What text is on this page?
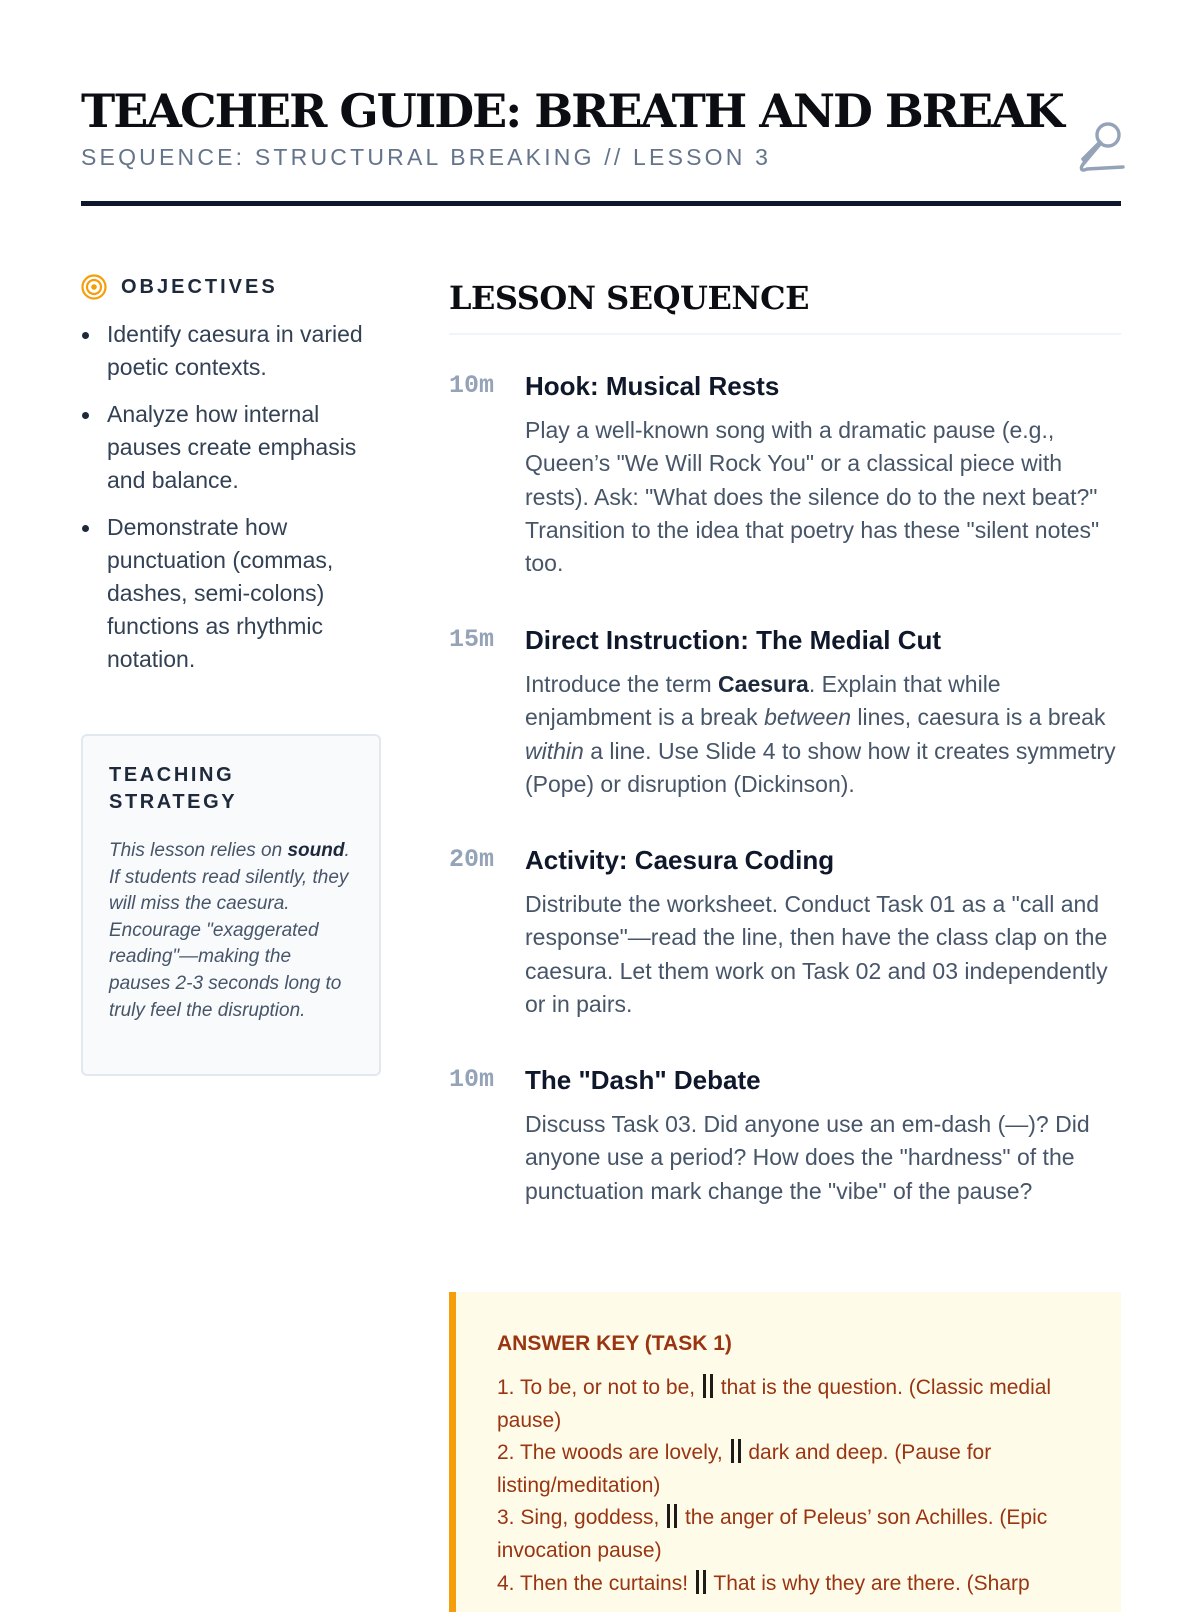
TEACHER GUIDE: BREATH AND BREAK
SEQUENCE: STRUCTURAL BREAKING // LESSON 3
OBJECTIVES
Identify caesura in varied poetic contexts.
Analyze how internal pauses create emphasis and balance.
Demonstrate how punctuation (commas, dashes, semi-colons) functions as rhythmic notation.
TEACHING STRATEGY
This lesson relies on sound. If students read silently, they will miss the caesura. Encourage "exaggerated reading"—making the pauses 2-3 seconds long to truly feel the disruption.
LESSON SEQUENCE
10m Hook: Musical Rests
Play a well-known song with a dramatic pause (e.g., Queen’s "We Will Rock You" or a classical piece with rests). Ask: "What does the silence do to the next beat?" Transition to the idea that poetry has these "silent notes" too.
15m Direct Instruction: The Medial Cut
Introduce the term Caesura. Explain that while enjambment is a break between lines, caesura is a break within a line. Use Slide 4 to show how it creates symmetry (Pope) or disruption (Dickinson).
20m Activity: Caesura Coding
Distribute the worksheet. Conduct Task 01 as a "call and response"—read the line, then have the class clap on the caesura. Let them work on Task 02 and 03 independently or in pairs.
10m The "Dash" Debate
Discuss Task 03. Did anyone use an em-dash (—)? Did anyone use a period? How does the "hardness" of the punctuation mark change the "vibe" of the pause?
ANSWER KEY (TASK 1)
1. To be, or not to be, that is the question. (Classic medial pause)
2. The woods are lovely, dark and deep. (Pause for listing/meditation)
3. Sing, goddess, the anger of Peleus’ son Achilles. (Epic invocation pause)
4. Then the curtains! That is why they are there. (Sharp
